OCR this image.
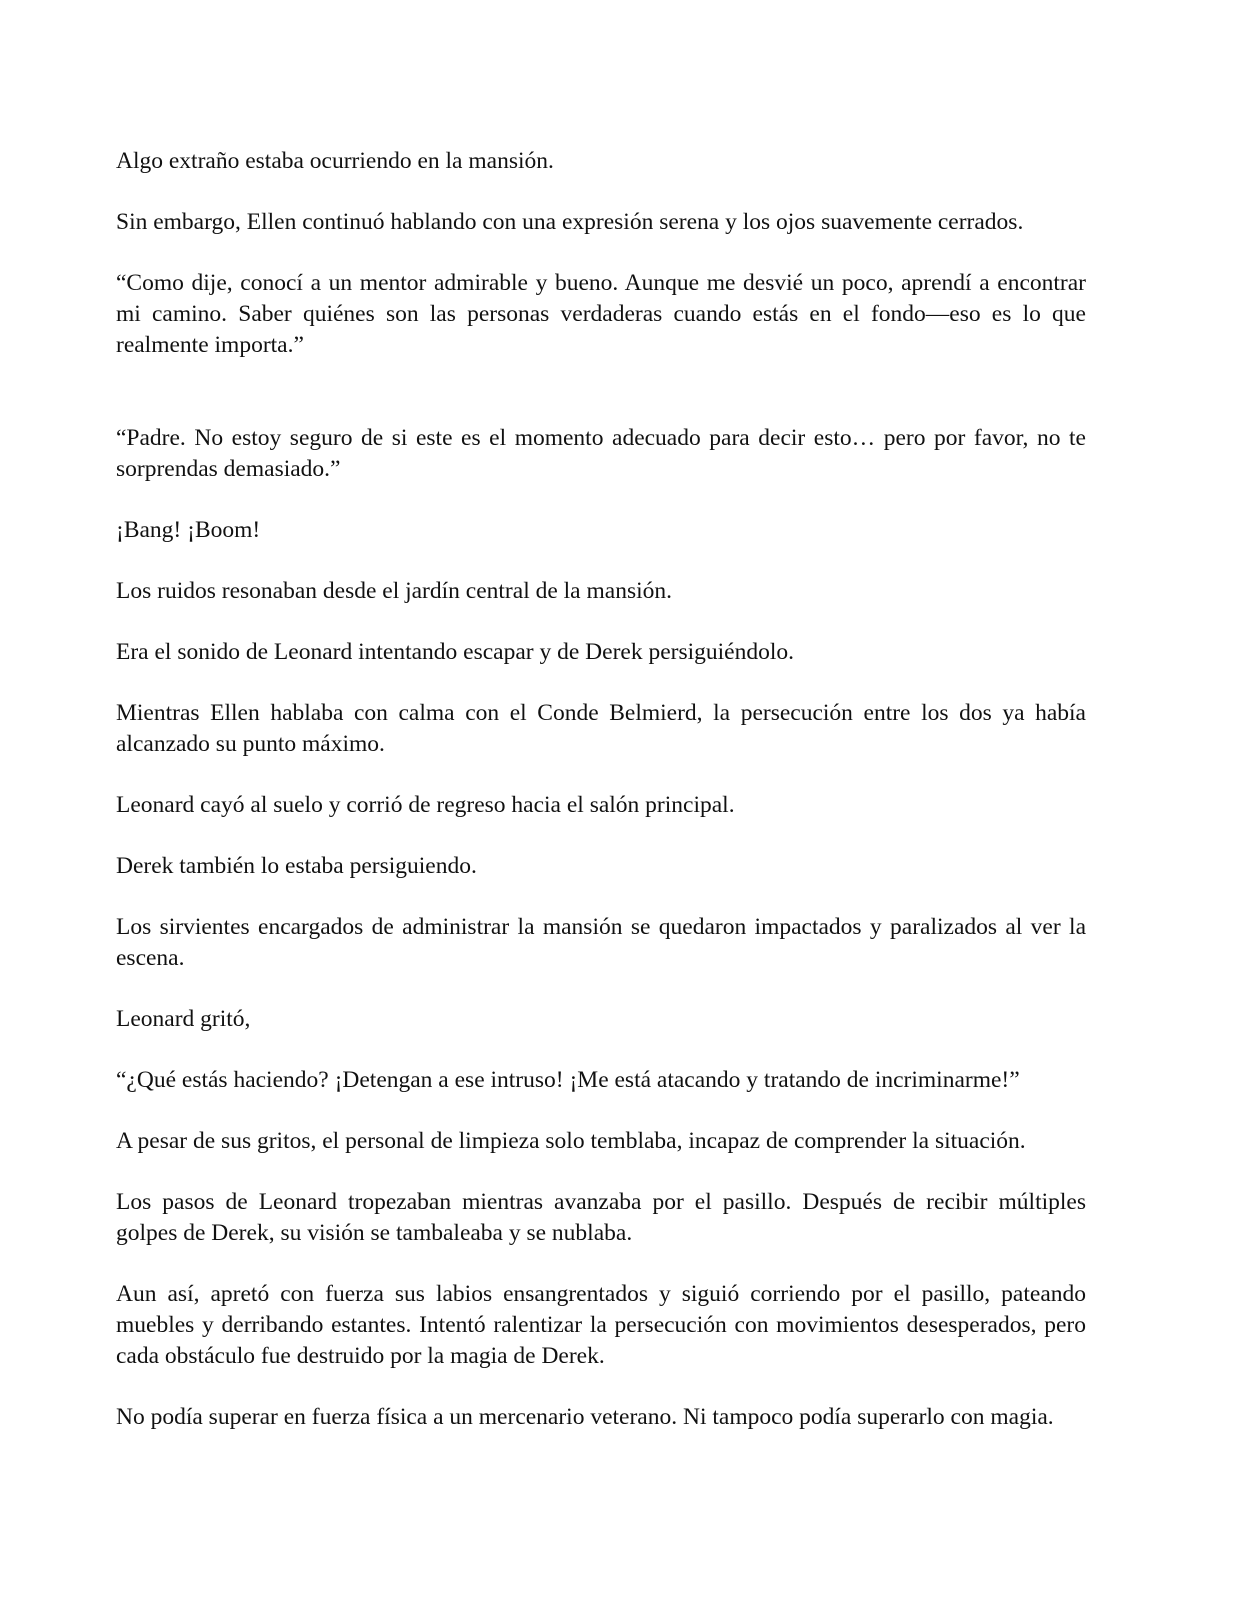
Algo extraño estaba ocurriendo en la mansión.

Sin embargo, Ellen continuó hablando con una expresión serena y los ojos suavemente cerrados.

“Como dije, conocí a un mentor admirable y bueno. Aunque me desvié un poco, aprendí a encontrar mi camino. Saber quiénes son las personas verdaderas cuando estás en el fondo—eso es lo que realmente importa.”

“Padre. No estoy seguro de si este es el momento adecuado para decir esto… pero por favor, no te sorprendas demasiado.”

¡Bang! ¡Boom!

Los ruidos resonaban desde el jardín central de la mansión.

Era el sonido de Leonard intentando escapar y de Derek persiguiéndolo.

Mientras Ellen hablaba con calma con el Conde Belmierd, la persecución entre los dos ya había alcanzado su punto máximo.

Leonard cayó al suelo y corrió de regreso hacia el salón principal.

Derek también lo estaba persiguiendo.

Los sirvientes encargados de administrar la mansión se quedaron impactados y paralizados al ver la escena.

Leonard gritó,

“¿Qué estás haciendo? ¡Detengan a ese intruso! ¡Me está atacando y tratando de incriminarme!”

A pesar de sus gritos, el personal de limpieza solo temblaba, incapaz de comprender la situación.

Los pasos de Leonard tropezaban mientras avanzaba por el pasillo. Después de recibir múltiples golpes de Derek, su visión se tambaleaba y se nublaba.

Aun así, apretó con fuerza sus labios ensangrentados y siguió corriendo por el pasillo, pateando muebles y derribando estantes. Intentó ralentizar la persecución con movimientos desesperados, pero cada obstáculo fue destruido por la magia de Derek.

No podía superar en fuerza física a un mercenario veterano. Ni tampoco podía superarlo con magia.
